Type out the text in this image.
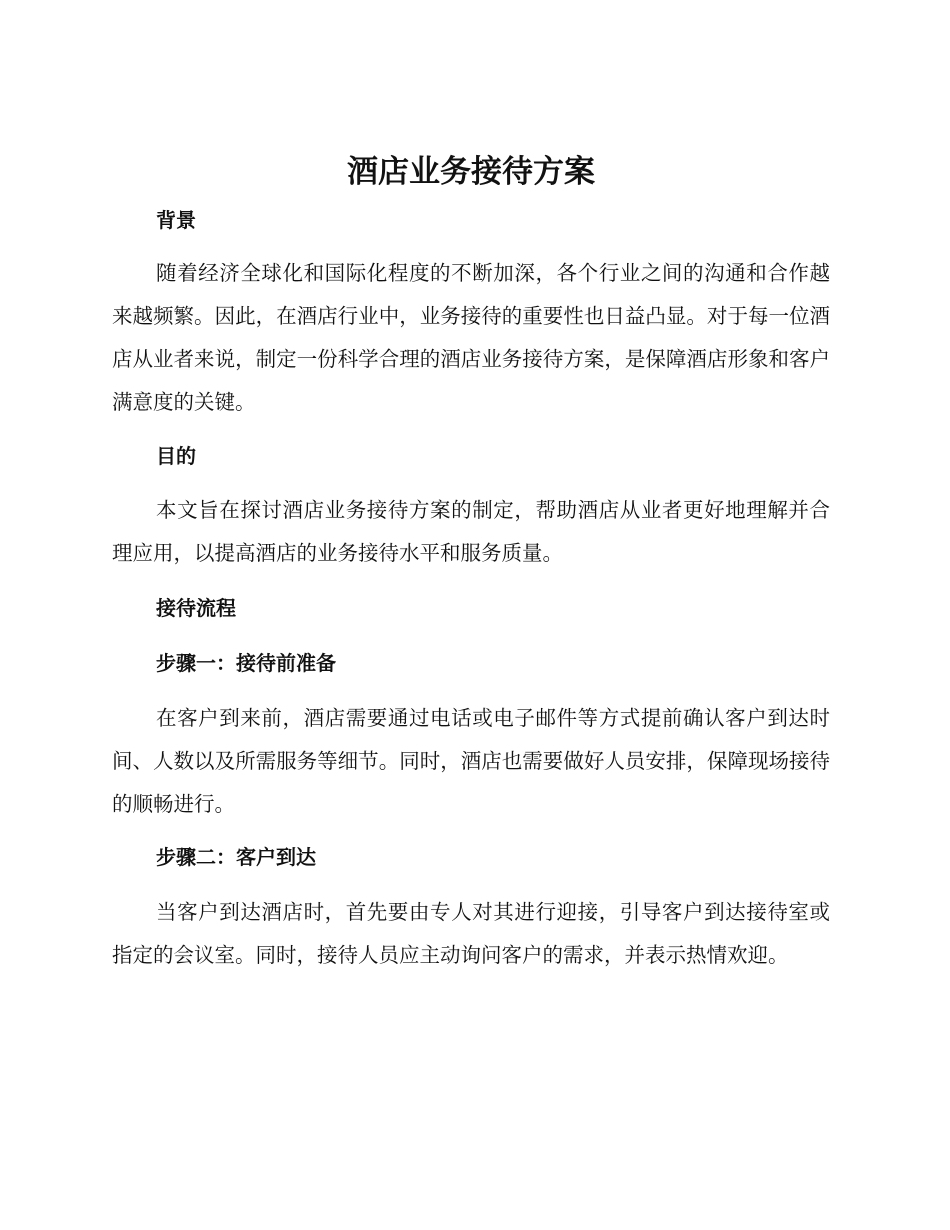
酒店业务接待方案
背景

随着经济全球化和国际化程度的不断加深，各个行业之间的沟通和合作越来越频繁。因此，在酒店行业中，业务接待的重要性也日益凸显。对于每一位酒店从业者来说，制定一份科学合理的酒店业务接待方案，是保障酒店形象和客户满意度的关键。

目的

本文旨在探讨酒店业务接待方案的制定，帮助酒店从业者更好地理解并合理应用，以提高酒店的业务接待水平和服务质量。

接待流程
步骤一：接待前准备

在客户到来前，酒店需要通过电话或电子邮件等方式提前确认客户到达时间、人数以及所需服务等细节。同时，酒店也需要做好人员安排，保障现场接待的顺畅进行。

步骤二：客户到达

当客户到达酒店时，首先要由专人对其进行迎接，引导客户到达接待室或指定的会议室。同时，接待人员应主动询问客户的需求，并表示热情欢迎。
